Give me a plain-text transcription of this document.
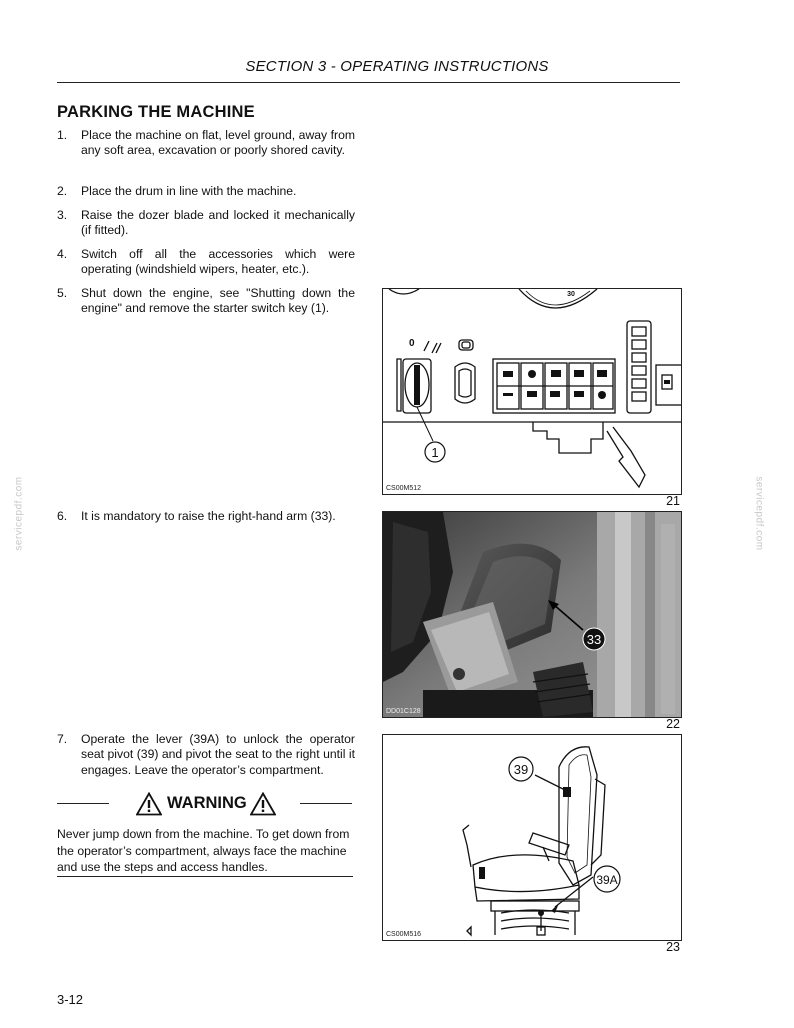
SECTION 3 - OPERATING INSTRUCTIONS
PARKING THE MACHINE
1. Place the machine on flat, level ground, away from any soft area, excavation or poorly shored cavity.
2. Place the drum in line with the machine.
3. Raise the dozer blade and locked it mechanically (if fitted).
4. Switch off all the accessories which were operating (windshield wipers, heater, etc.).
5. Shut down the engine, see "Shutting down the engine" and remove the starter switch key (1).
6. It is mandatory to raise the right-hand arm (33).
7. Operate the lever (39A) to unlock the operator seat pivot (39) and pivot the seat to the right until it engages. Leave the operator’s compartment.
WARNING
Never jump down from the machine. To get down from the operator’s compartment, always face the machine and use the steps and access handles.
1
30
0
CS00M512
21
33
DD01C128
22
39
39A
CS00M516
23
servicepdf.com	servicepdf.com
3-12
